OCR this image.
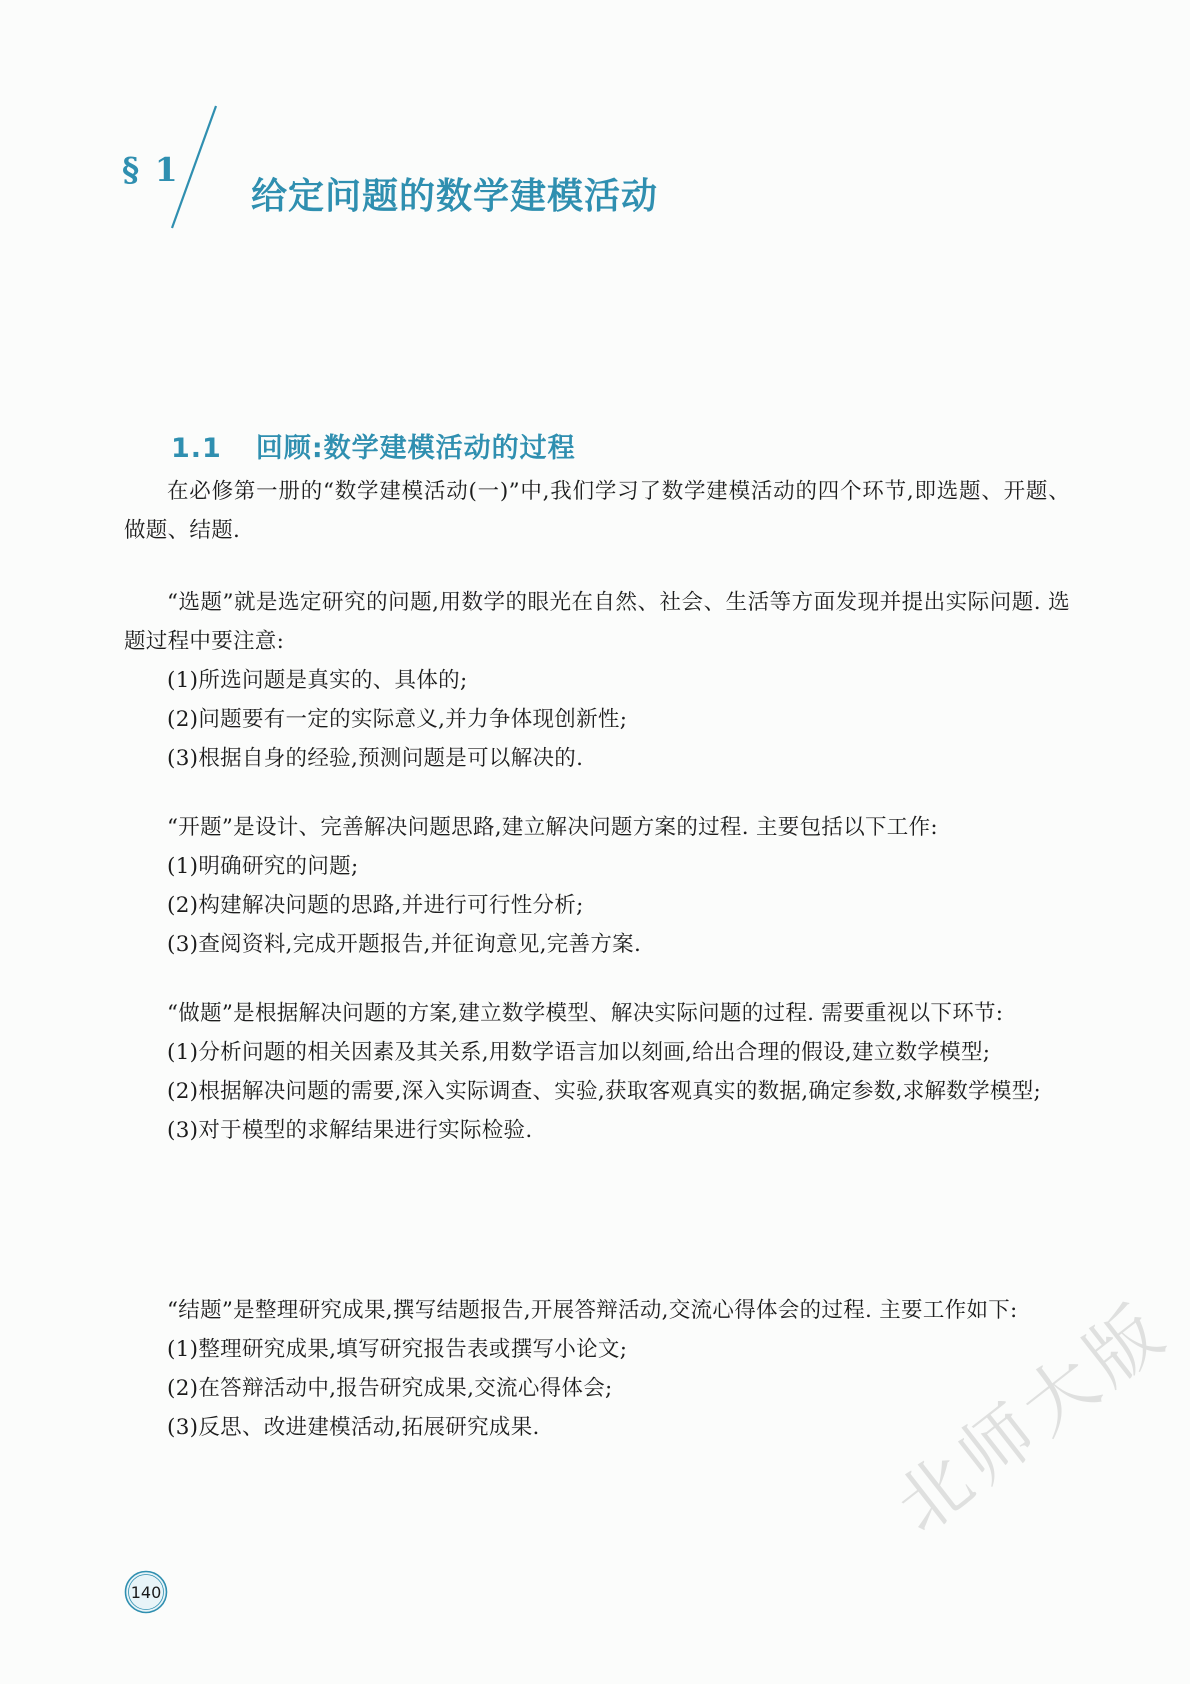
§ 1
给定问题的数学建模活动
1.1 回顾:数学建模活动的过程

在必修第一册的“数学建模活动(一)”中,我们学习了数学建模活动的四个环节,即选题、开题、做题、结题.

“选题”就是选定研究的问题,用数学的眼光在自然、社会、生活等方面发现并提出实际问题. 选题过程中要注意:

(1)所选问题是真实的、具体的;

(2)问题要有一定的实际意义,并力争体现创新性;

(3)根据自身的经验,预测问题是可以解决的.

“开题”是设计、完善解决问题思路,建立解决问题方案的过程. 主要包括以下工作:

(1)明确研究的问题;

(2)构建解决问题的思路,并进行可行性分析;

(3)查阅资料,完成开题报告,并征询意见,完善方案.

“做题”是根据解决问题的方案,建立数学模型、解决实际问题的过程. 需要重视以下环节:

(1)分析问题的相关因素及其关系,用数学语言加以刻画,给出合理的假设,建立数学模型;

(2)根据解决问题的需要,深入实际调查、实验,获取客观真实的数据,确定参数,求解数学模型;

(3)对于模型的求解结果进行实际检验.

“结题”是整理研究成果,撰写结题报告,开展答辩活动,交流心得体会的过程. 主要工作如下:

(1)整理研究成果,填写研究报告表或撰写小论文;

(2)在答辩活动中,报告研究成果,交流心得体会;

(3)反思、改进建模活动,拓展研究成果.

140
北师大版
